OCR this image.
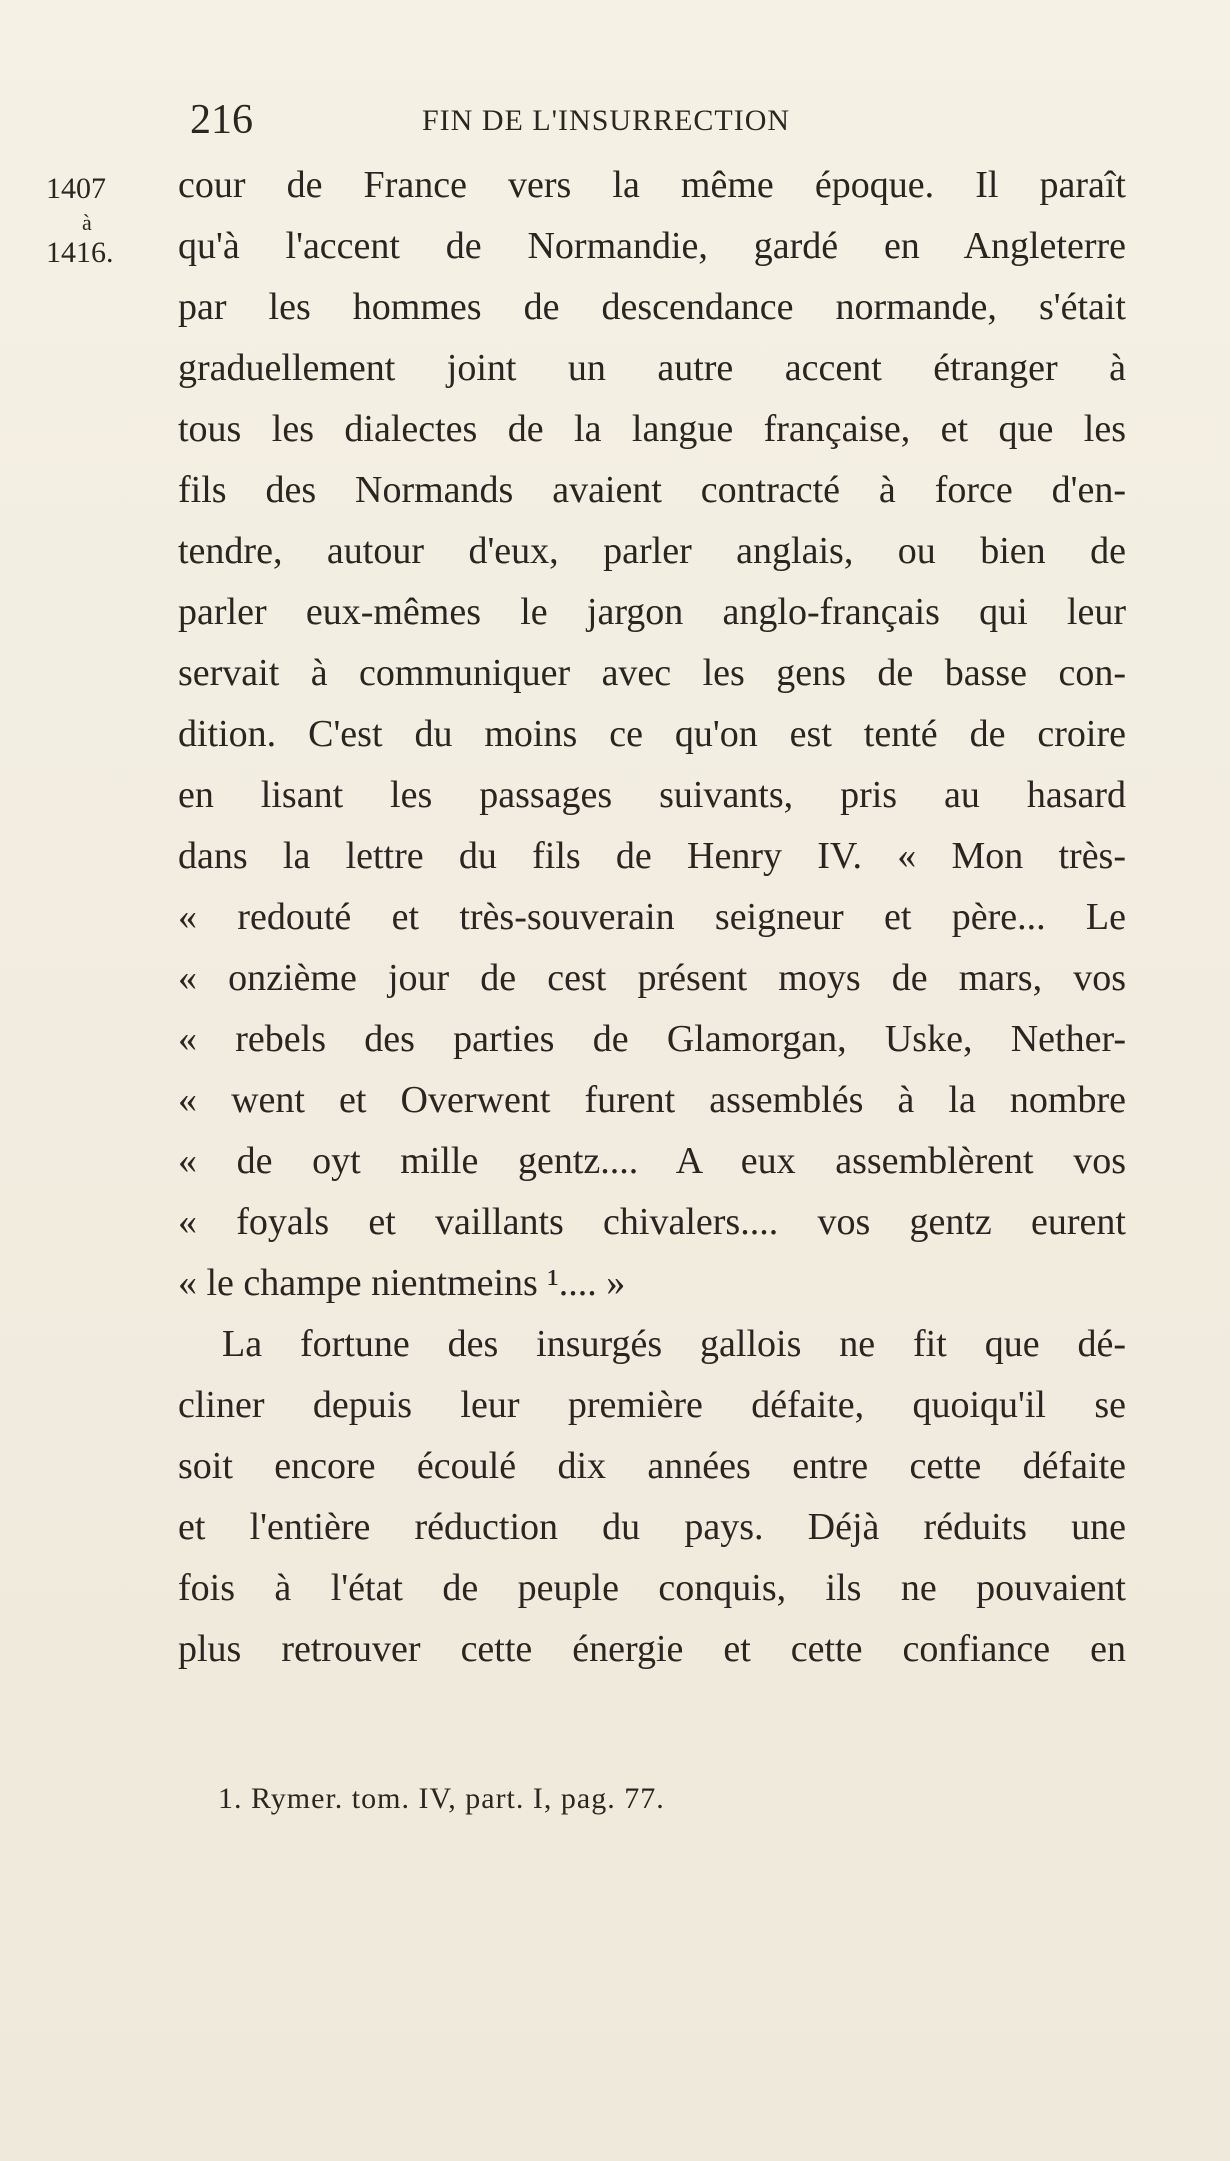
216	FIN DE L'INSURRECTION
1407
à
1416.
cour de France vers la même époque. Il paraît
qu'à l'accent de Normandie, gardé en Angleterre
par les hommes de descendance normande, s'était
graduellement joint un autre accent étranger à
tous les dialectes de la langue française, et que les
fils des Normands avaient contracté à force d'en-
tendre, autour d'eux, parler anglais, ou bien de
parler eux-mêmes le jargon anglo-français qui leur
servait à communiquer avec les gens de basse con-
dition. C'est du moins ce qu'on est tenté de croire
en lisant les passages suivants, pris au hasard
dans la lettre du fils de Henry IV. « Mon très-
« redouté et très-souverain seigneur et père... Le
« onzième jour de cest présent moys de mars, vos
« rebels des parties de Glamorgan, Uske, Nether-
« went et Overwent furent assemblés à la nombre
« de oyt mille gentz.... A eux assemblèrent vos
« foyals et vaillants chivalers.... vos gentz eurent
« le champe nientmeins ¹.... »
La fortune des insurgés gallois ne fit que dé-
cliner depuis leur première défaite, quoiqu'il se
soit encore écoulé dix années entre cette défaite
et l'entière réduction du pays. Déjà réduits une
fois à l'état de peuple conquis, ils ne pouvaient
plus retrouver cette énergie et cette confiance en
1. Rymer. tom. IV, part. I, pag. 77.
